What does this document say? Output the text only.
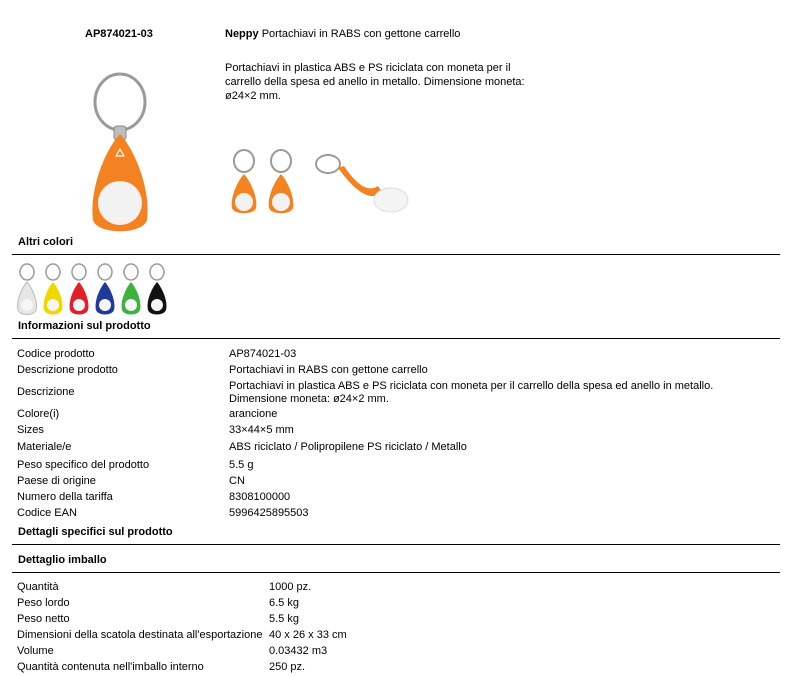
AP874021-03	Neppy Portachiavi in RABS con gettone carrello
Portachiavi in plastica ABS e PS riciclata con moneta per il carrello della spesa ed anello in metallo. Dimensione moneta: ø24×2 mm.
Altri colori
Informazioni sul prodotto
Codice prodotto	AP874021-03
Descrizione prodotto	Portachiavi in RABS con gettone carrello
Descrizione	Portachiavi in plastica ABS e PS riciclata con moneta per il carrello della spesa ed anello in metallo.
Dimensione moneta: ø24×2 mm.
Colore(i)	arancione
Sizes	33×44×5 mm
Materiale/e	ABS riciclato / Polipropilene PS riciclato / Metallo
Peso specifico del prodotto	5.5 g
Paese di origine	CN
Numero della tariffa	8308100000
Codice EAN	5996425895503
Dettagli specifici sul prodotto
Dettaglio imballo
Quantità	1000 pz.
Peso lordo	6.5 kg
Peso netto	5.5 kg
Dimensioni della scatola destinata all'esportazione 40 x 26 x 33 cm
Volume	0.03432 m3
Quantità contenuta nell'imballo interno	250 pz.
